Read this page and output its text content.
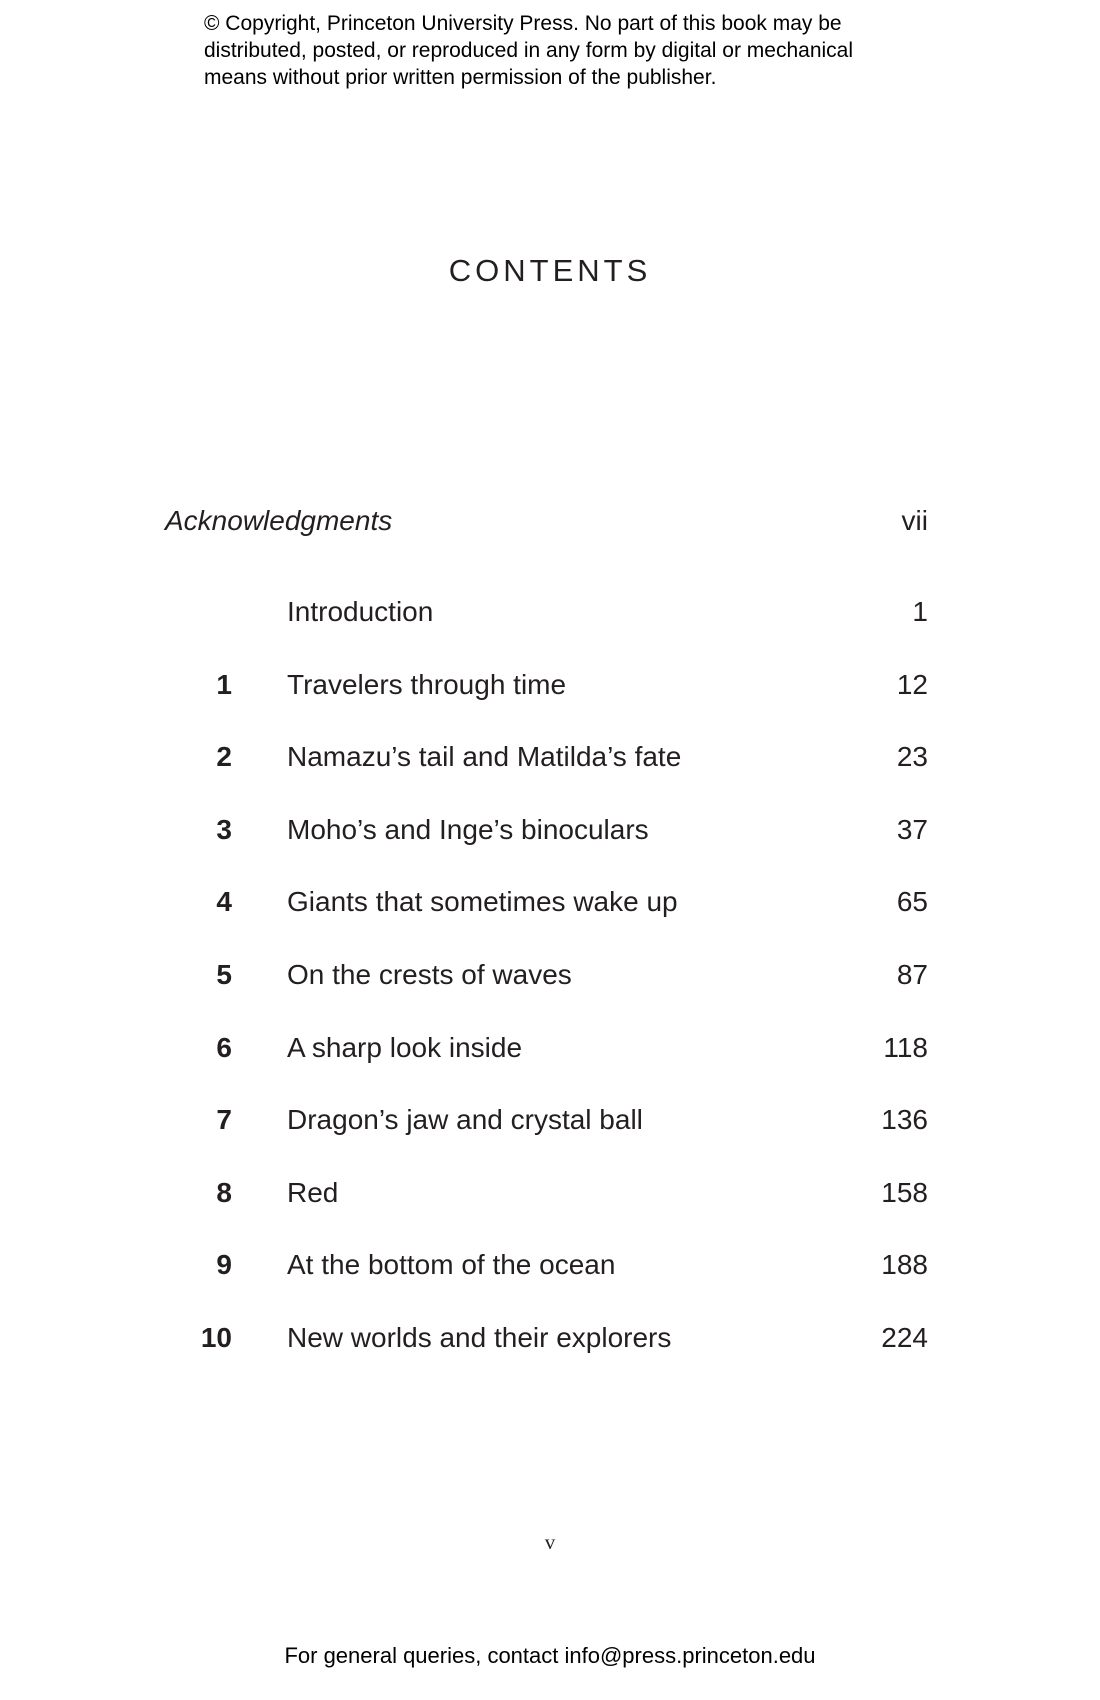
© Copyright, Princeton University Press. No part of this book may be
distributed, posted, or reproduced in any form by digital or mechanical
means without prior written permission of the publisher.
CONTENTS
Acknowledgments	vii
Introduction	1
1 Travelers through time	12
2 Namazu’s tail and Matilda’s fate	23
3 Moho’s and Inge’s binoculars	37
4 Giants that sometimes wake up	65
5 On the crests of waves	87
6 A sharp look inside	118
7 Dragon’s jaw and crystal ball	136
8 Red	158
9 At the bottom of the ocean	188
10 New worlds and their explorers	224
v
For general queries, contact info@press.princeton.edu
